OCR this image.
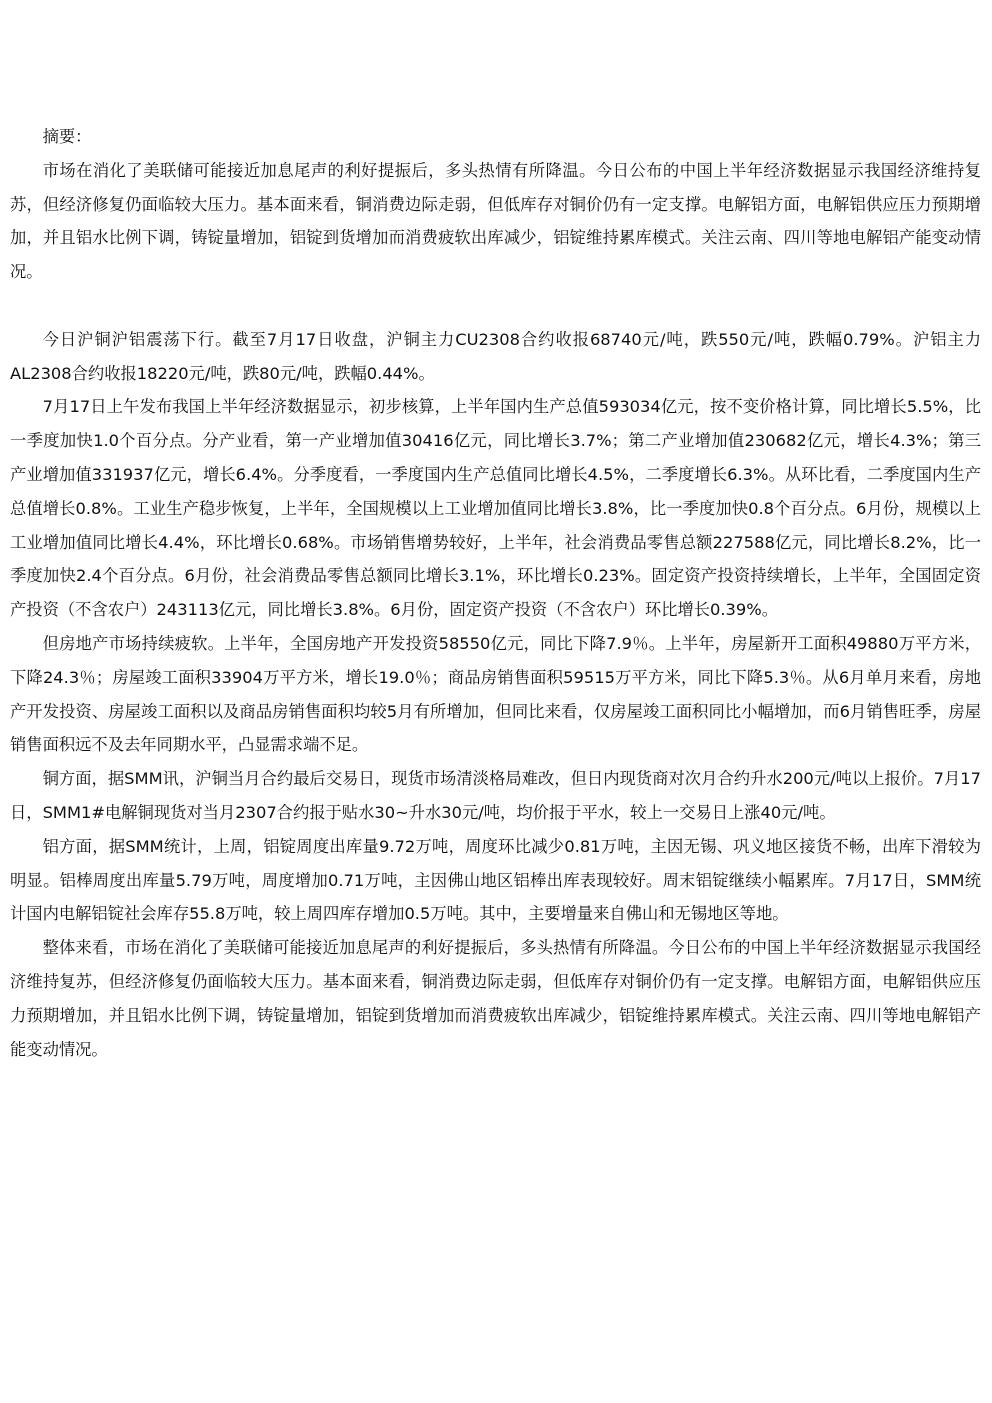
摘要：

市场在消化了美联储可能接近加息尾声的利好提振后，多头热情有所降温。今日公布的中国上半年经济数据显示我国经济维持复苏，但经济修复仍面临较大压力。基本面来看，铜消费边际走弱，但低库存对铜价仍有一定支撑。电解铝方面，电解铝供应压力预期增加，并且铝水比例下调，铸锭量增加，铝锭到货增加而消费疲软出库减少，铝锭维持累库模式。关注云南、四川等地电解铝产能变动情况。

今日沪铜沪铝震荡下行。截至7月17日收盘，沪铜主力CU2308合约收报68740元/吨，跌550元/吨，跌幅0.79%。沪铝主力AL2308合约收报18220元/吨，跌80元/吨，跌幅0.44%。

7月17日上午发布我国上半年经济数据显示，初步核算，上半年国内生产总值593034亿元，按不变价格计算，同比增长5.5%，比一季度加快1.0个百分点。分产业看，第一产业增加值30416亿元，同比增长3.7%；第二产业增加值230682亿元，增长4.3%；第三产业增加值331937亿元，增长6.4%。分季度看，一季度国内生产总值同比增长4.5%，二季度增长6.3%。从环比看，二季度国内生产总值增长0.8%。工业生产稳步恢复，上半年，全国规模以上工业增加值同比增长3.8%，比一季度加快0.8个百分点。6月份，规模以上工业增加值同比增长4.4%，环比增长0.68%。市场销售增势较好，上半年，社会消费品零售总额227588亿元，同比增长8.2%，比一季度加快2.4个百分点。6月份，社会消费品零售总额同比增长3.1%，环比增长0.23%。固定资产投资持续增长，上半年，全国固定资产投资（不含农户）243113亿元，同比增长3.8%。6月份，固定资产投资（不含农户）环比增长0.39%。

但房地产市场持续疲软。上半年，全国房地产开发投资58550亿元，同比下降7.9％。上半年，房屋新开工面积49880万平方米，下降24.3％；房屋竣工面积33904万平方米，增长19.0％；商品房销售面积59515万平方米，同比下降5.3％。从6月单月来看，房地产开发投资、房屋竣工面积以及商品房销售面积均较5月有所增加，但同比来看，仅房屋竣工面积同比小幅增加，而6月销售旺季，房屋销售面积远不及去年同期水平，凸显需求端不足。

铜方面，据SMM讯，沪铜当月合约最后交易日，现货市场清淡格局难改，但日内现货商对次月合约升水200元/吨以上报价。7月17日，SMM1#电解铜现货对当月2307合约报于贴水30~升水30元/吨，均价报于平水，较上一交易日上涨40元/吨。

铝方面，据SMM统计，上周，铝锭周度出库量9.72万吨，周度环比减少0.81万吨，主因无锡、巩义地区接货不畅，出库下滑较为明显。铝棒周度出库量5.79万吨，周度增加0.71万吨，主因佛山地区铝棒出库表现较好。周末铝锭继续小幅累库。7月17日，SMM统计国内电解铝锭社会库存55.8万吨，较上周四库存增加0.5万吨。其中，主要增量来自佛山和无锡地区等地。

整体来看，市场在消化了美联储可能接近加息尾声的利好提振后，多头热情有所降温。今日公布的中国上半年经济数据显示我国经济维持复苏，但经济修复仍面临较大压力。基本面来看，铜消费边际走弱，但低库存对铜价仍有一定支撑。电解铝方面，电解铝供应压力预期增加，并且铝水比例下调，铸锭量增加，铝锭到货增加而消费疲软出库减少，铝锭维持累库模式。关注云南、四川等地电解铝产能变动情况。
